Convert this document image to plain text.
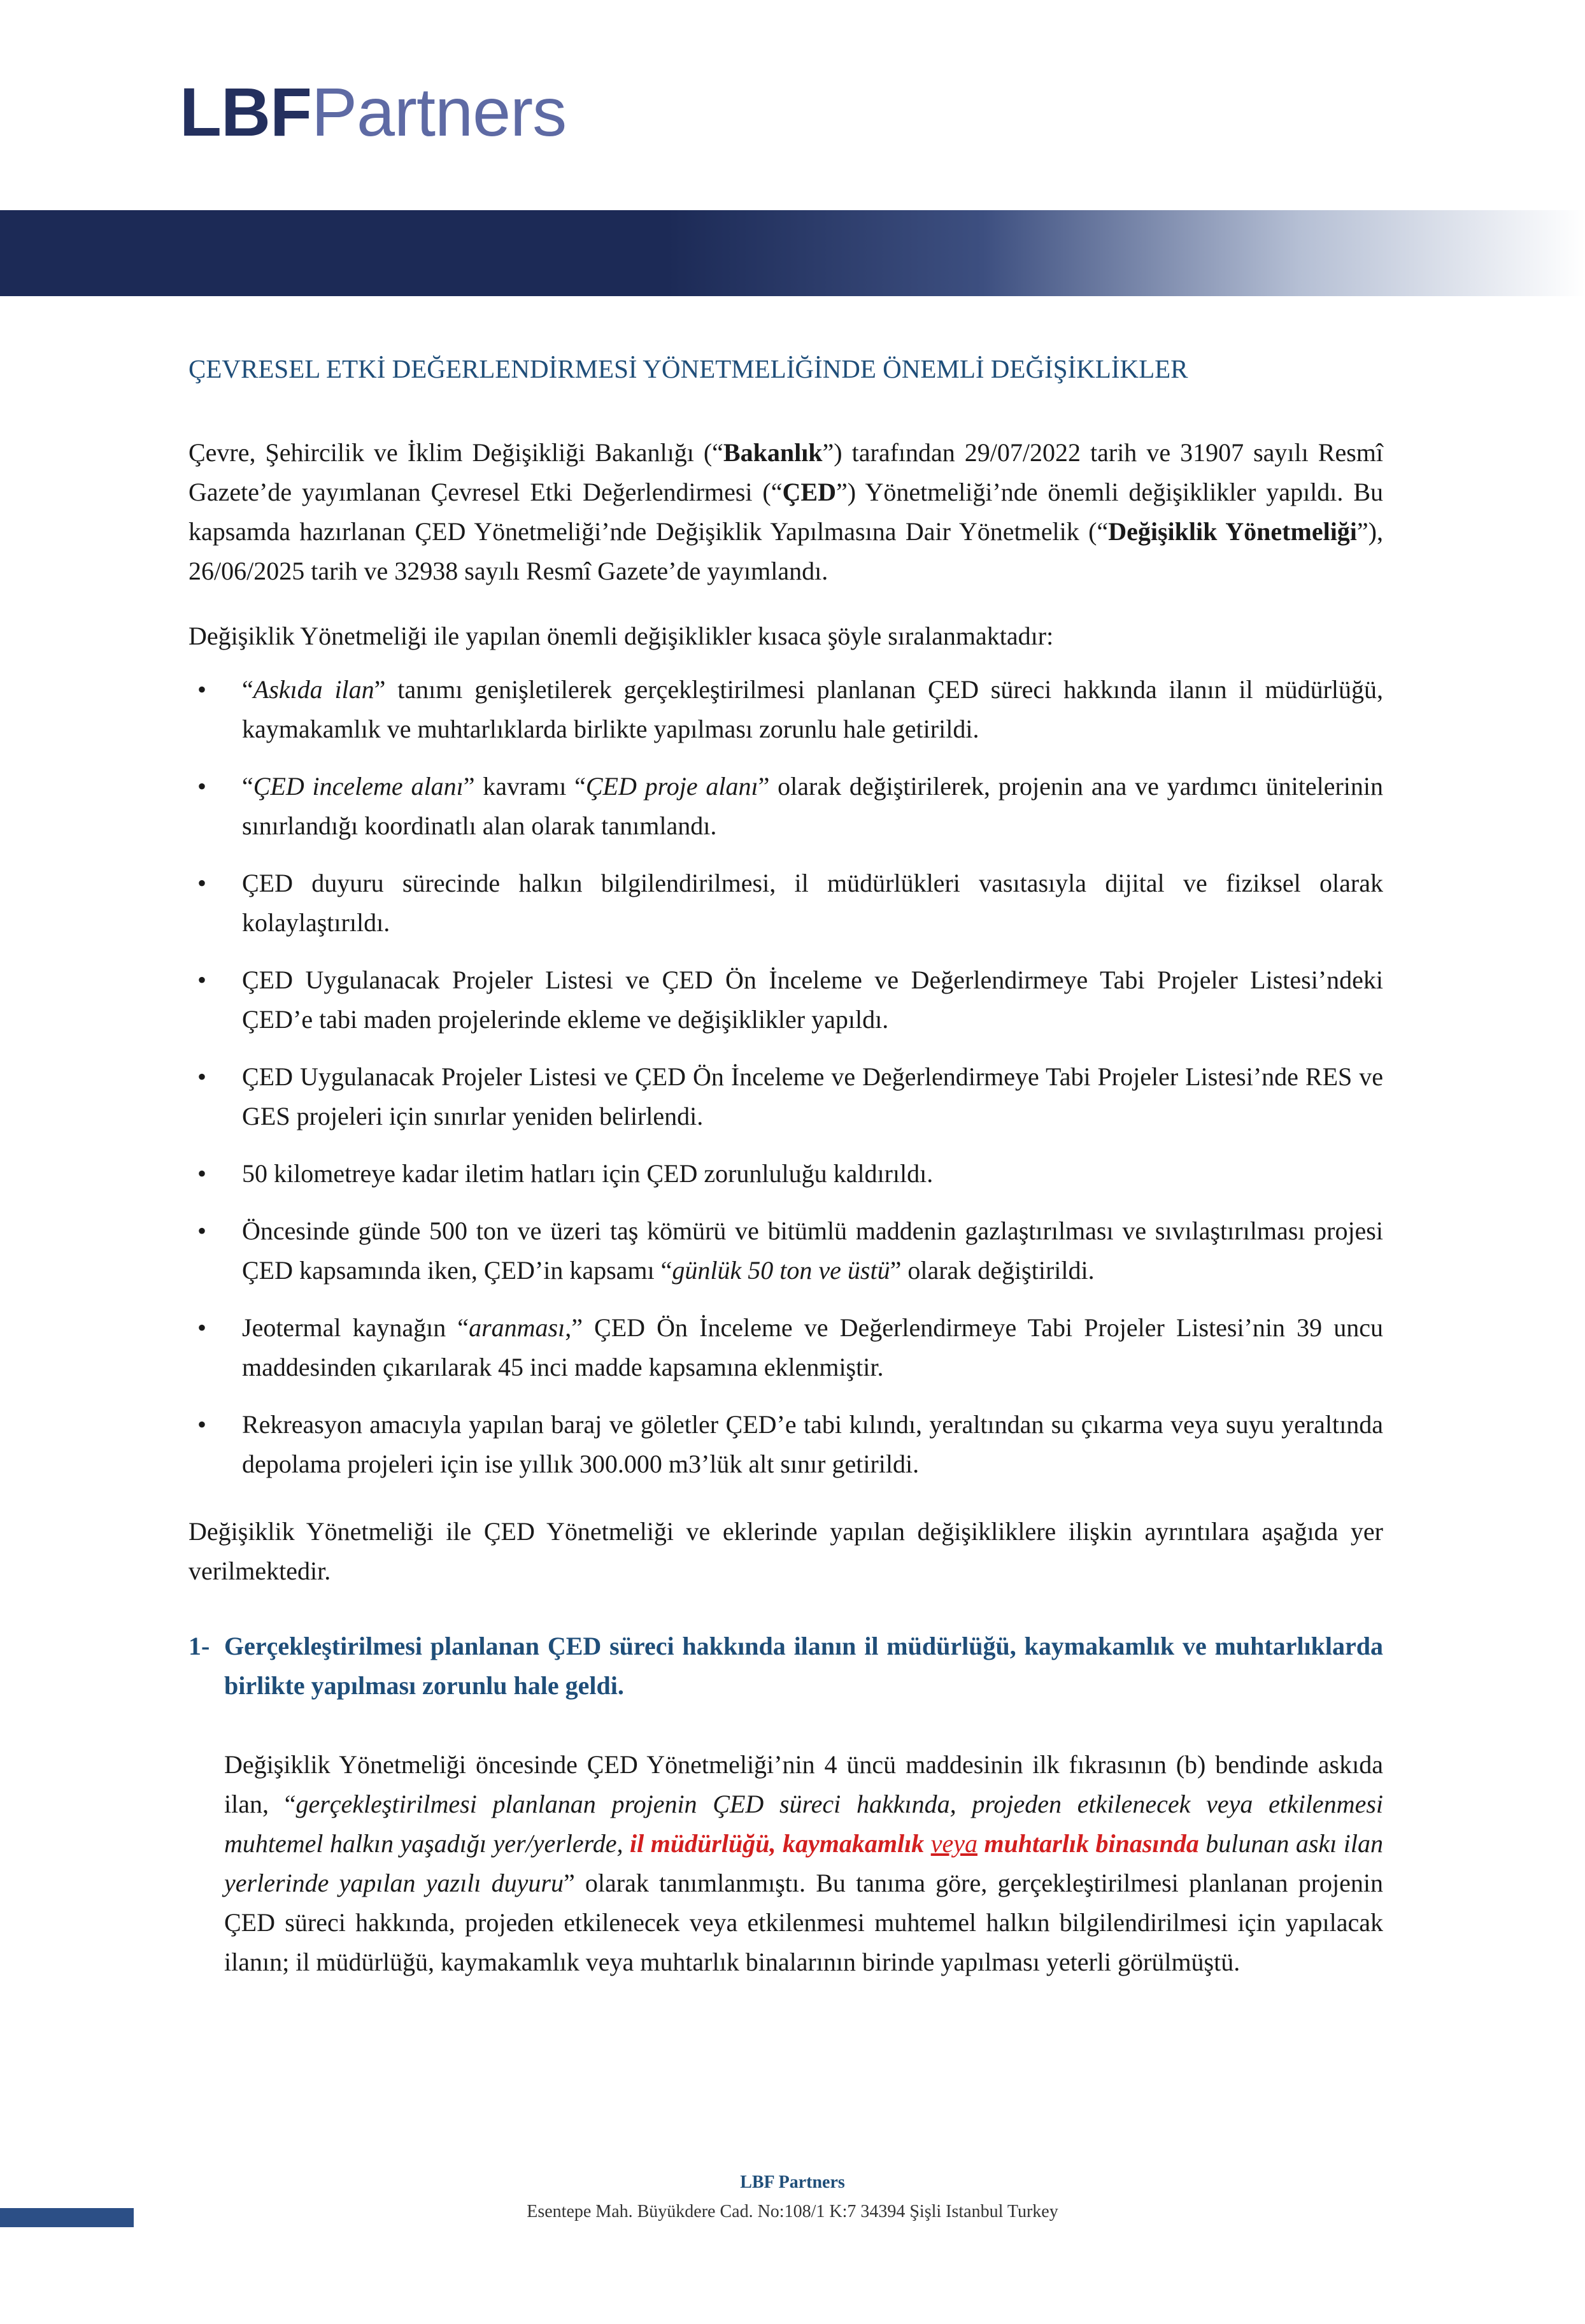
LBFPartners
ÇEVRESEL ETKİ DEĞERLENDİRMESİ YÖNETMELİĞİNDE ÖNEMLİ DEĞİŞİKLİKLER

Çevre, Şehircilik ve İklim Değişikliği Bakanlığı (“Bakanlık”) tarafından 29/07/2022 tarih ve 31907 sayılı Resmî Gazete’de yayımlanan Çevresel Etki Değerlendirmesi (“ÇED”) Yönetmeliği’nde önemli değişiklikler yapıldı. Bu kapsamda hazırlanan ÇED Yönetmeliği’nde Değişiklik Yapılmasına Dair Yönetmelik (“Değişiklik Yönetmeliği”), 26/06/2025 tarih ve 32938 sayılı Resmî Gazete’de yayımlandı.

Değişiklik Yönetmeliği ile yapılan önemli değişiklikler kısaca şöyle sıralanmaktadır:

• “Askıda ilan” tanımı genişletilerek gerçekleştirilmesi planlanan ÇED süreci hakkında ilanın il müdürlüğü, kaymakamlık ve muhtarlıklarda birlikte yapılması zorunlu hale getirildi.
• “ÇED inceleme alanı” kavramı “ÇED proje alanı” olarak değiştirilerek, projenin ana ve yardımcı ünitelerinin sınırlandığı koordinatlı alan olarak tanımlandı.
• ÇED duyuru sürecinde halkın bilgilendirilmesi, il müdürlükleri vasıtasıyla dijital ve fiziksel olarak kolaylaştırıldı.
• ÇED Uygulanacak Projeler Listesi ve ÇED Ön İnceleme ve Değerlendirmeye Tabi Projeler Listesi’ndeki ÇED’e tabi maden projelerinde ekleme ve değişiklikler yapıldı.
• ÇED Uygulanacak Projeler Listesi ve ÇED Ön İnceleme ve Değerlendirmeye Tabi Projeler Listesi’nde RES ve GES projeleri için sınırlar yeniden belirlendi.
• 50 kilometreye kadar iletim hatları için ÇED zorunluluğu kaldırıldı.
• Öncesinde günde 500 ton ve üzeri taş kömürü ve bitümlü maddenin gazlaştırılması ve sıvılaştırılması projesi ÇED kapsamında iken, ÇED’in kapsamı “günlük 50 ton ve üstü” olarak değiştirildi.
• Jeotermal kaynağın “aranması,” ÇED Ön İnceleme ve Değerlendirmeye Tabi Projeler Listesi’nin 39 uncu maddesinden çıkarılarak 45 inci madde kapsamına eklenmiştir.
• Rekreasyon amacıyla yapılan baraj ve göletler ÇED’e tabi kılındı, yeraltından su çıkarma veya suyu yeraltında depolama projeleri için ise yıllık 300.000 m3’lük alt sınır getirildi.

Değişiklik Yönetmeliği ile ÇED Yönetmeliği ve eklerinde yapılan değişikliklere ilişkin ayrıntılara aşağıda yer verilmektedir.

1- Gerçekleştirilmesi planlanan ÇED süreci hakkında ilanın il müdürlüğü, kaymakamlık ve muhtarlıklarda birlikte yapılması zorunlu hale geldi.

Değişiklik Yönetmeliği öncesinde ÇED Yönetmeliği’nin 4 üncü maddesinin ilk fıkrasının (b) bendinde askıda ilan, “gerçekleştirilmesi planlanan projenin ÇED süreci hakkında, projeden etkilenecek veya etkilenmesi muhtemel halkın yaşadığı yer/yerlerde, il müdürlüğü, kaymakamlık veya muhtarlık binasında bulunan askı ilan yerlerinde yapılan yazılı duyuru” olarak tanımlanmıştı. Bu tanıma göre, gerçekleştirilmesi planlanan projenin ÇED süreci hakkında, projeden etkilenecek veya etkilenmesi muhtemel halkın bilgilendirilmesi için yapılacak ilanın; il müdürlüğü, kaymakamlık veya muhtarlık binalarının birinde yapılması yeterli görülmüştü.

LBF Partners
Esentepe Mah. Büyükdere Cad. No:108/1 K:7 34394 Şişli Istanbul Turkey
